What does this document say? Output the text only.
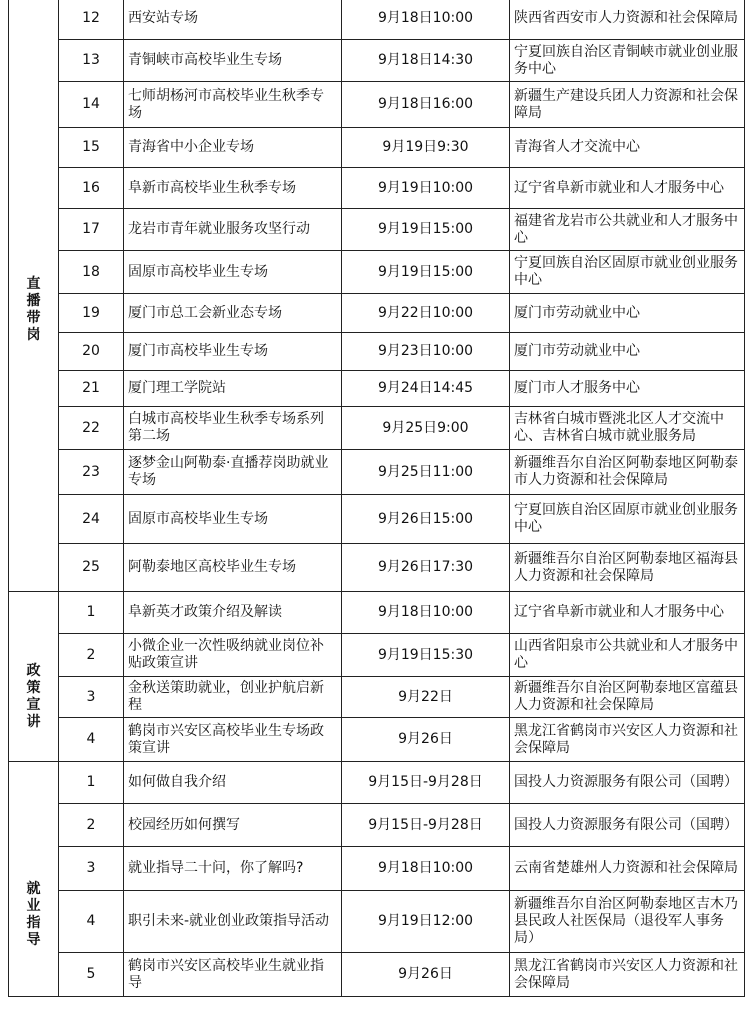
直播带岗	12	西安站专场	9月18日10:00	陕西省西安市人力资源和社会保障局
	13	青铜峡市高校毕业生专场	9月18日14:30	宁夏回族自治区青铜峡市就业创业服务中心
	14	七师胡杨河市高校毕业生秋季专场	9月18日16:00	新疆生产建设兵团人力资源和社会保障局
	15	青海省中小企业专场	9月19日9:30	青海省人才交流中心
	16	阜新市高校毕业生秋季专场	9月19日10:00	辽宁省阜新市就业和人才服务中心
	17	龙岩市青年就业服务攻坚行动	9月19日15:00	福建省龙岩市公共就业和人才服务中心
	18	固原市高校毕业生专场	9月19日15:00	宁夏回族自治区固原市就业创业服务中心
	19	厦门市总工会新业态专场	9月22日10:00	厦门市劳动就业中心
	20	厦门市高校毕业生专场	9月23日10:00	厦门市劳动就业中心
	21	厦门理工学院站	9月24日14:45	厦门市人才服务中心
	22	白城市高校毕业生秋季专场系列第二场	9月25日9:00	吉林省白城市暨洮北区人才交流中心、吉林省白城市就业服务局
	23	逐梦金山阿勒泰·直播荐岗助就业专场	9月25日11:00	新疆维吾尔自治区阿勒泰地区阿勒泰市人力资源和社会保障局
	24	固原市高校毕业生专场	9月26日15:00	宁夏回族自治区固原市就业创业服务中心
	25	阿勒泰地区高校毕业生专场	9月26日17:30	新疆维吾尔自治区阿勒泰地区福海县人力资源和社会保障局

政策宣讲	1	阜新英才政策介绍及解读	9月18日10:00	辽宁省阜新市就业和人才服务中心
	2	小微企业一次性吸纳就业岗位补贴政策宣讲	9月19日15:30	山西省阳泉市公共就业和人才服务中心
	3	金秋送策助就业，创业护航启新程	9月22日	新疆维吾尔自治区阿勒泰地区富蕴县人力资源和社会保障局
	4	鹤岗市兴安区高校毕业生专场政策宣讲	9月26日	黑龙江省鹤岗市兴安区人力资源和社会保障局

就业指导	1	如何做自我介绍	9月15日-9月28日	国投人力资源服务有限公司（国聘）
	2	校园经历如何撰写	9月15日-9月28日	国投人力资源服务有限公司（国聘）
	3	就业指导二十问，你了解吗?	9月18日10:00	云南省楚雄州人力资源和社会保障局
	4	职引未来-就业创业政策指导活动	9月19日12:00	新疆维吾尔自治区阿勒泰地区吉木乃县民政人社医保局（退役军人事务局）
	5	鹤岗市兴安区高校毕业生就业指导	9月26日	黑龙江省鹤岗市兴安区人力资源和社会保障局
